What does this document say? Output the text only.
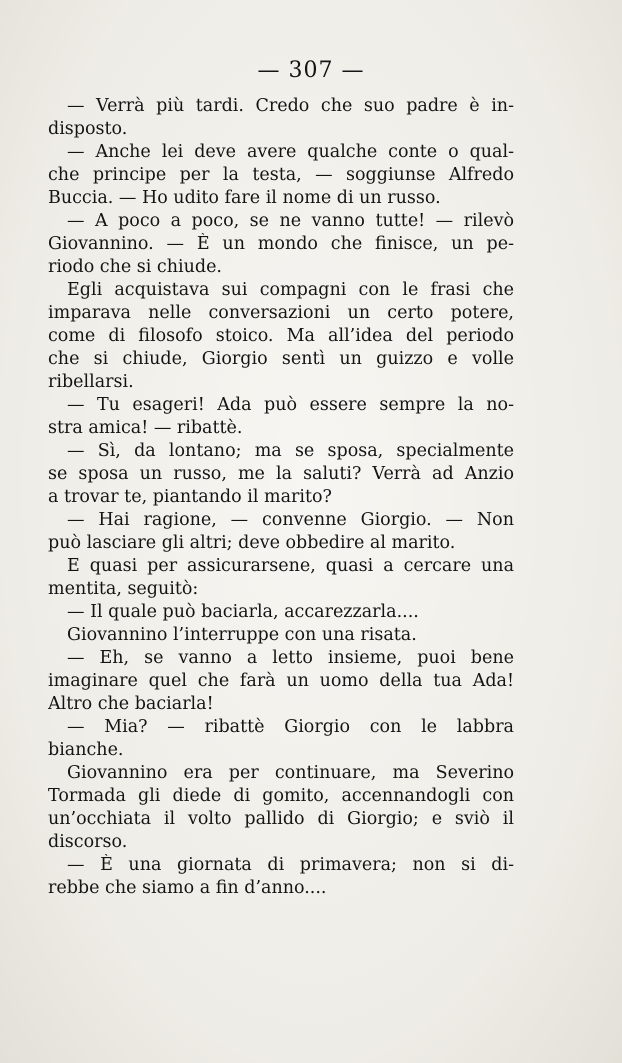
— 307 —
— Verrà più tardi. Credo che suo padre è in-
disposto.
— Anche lei deve avere qualche conte o qual-
che principe per la testa, — soggiunse Alfredo
Buccia. — Ho udito fare il nome di un russo.
— A poco a poco, se ne vanno tutte! — rilevò
Giovannino. — È un mondo che finisce, un pe-
riodo che si chiude.
Egli acquistava sui compagni con le frasi che
imparava nelle conversazioni un certo potere,
come di filosofo stoico. Ma all’idea del periodo
che si chiude, Giorgio sentì un guizzo e volle
ribellarsi.
— Tu esageri! Ada può essere sempre la no-
stra amica! — ribattè.
— Sì, da lontano; ma se sposa, specialmente
se sposa un russo, me la saluti? Verrà ad Anzio
a trovar te, piantando il marito?
— Hai ragione, — convenne Giorgio. — Non
può lasciare gli altri; deve obbedire al marito.
E quasi per assicurarsene, quasi a cercare una
mentita, seguitò:
— Il quale può baciarla, accarezzarla....
Giovannino l’interruppe con una risata.
— Eh, se vanno a letto insieme, puoi bene
imaginare quel che farà un uomo della tua Ada!
Altro che baciarla!
— Mia? — ribattè Giorgio con le labbra
bianche.
Giovannino era per continuare, ma Severino
Tormada gli diede di gomito, accennandogli con
un’occhiata il volto pallido di Giorgio; e sviò il
discorso.
— È una giornata di primavera; non si di-
rebbe che siamo a fin d’anno....
